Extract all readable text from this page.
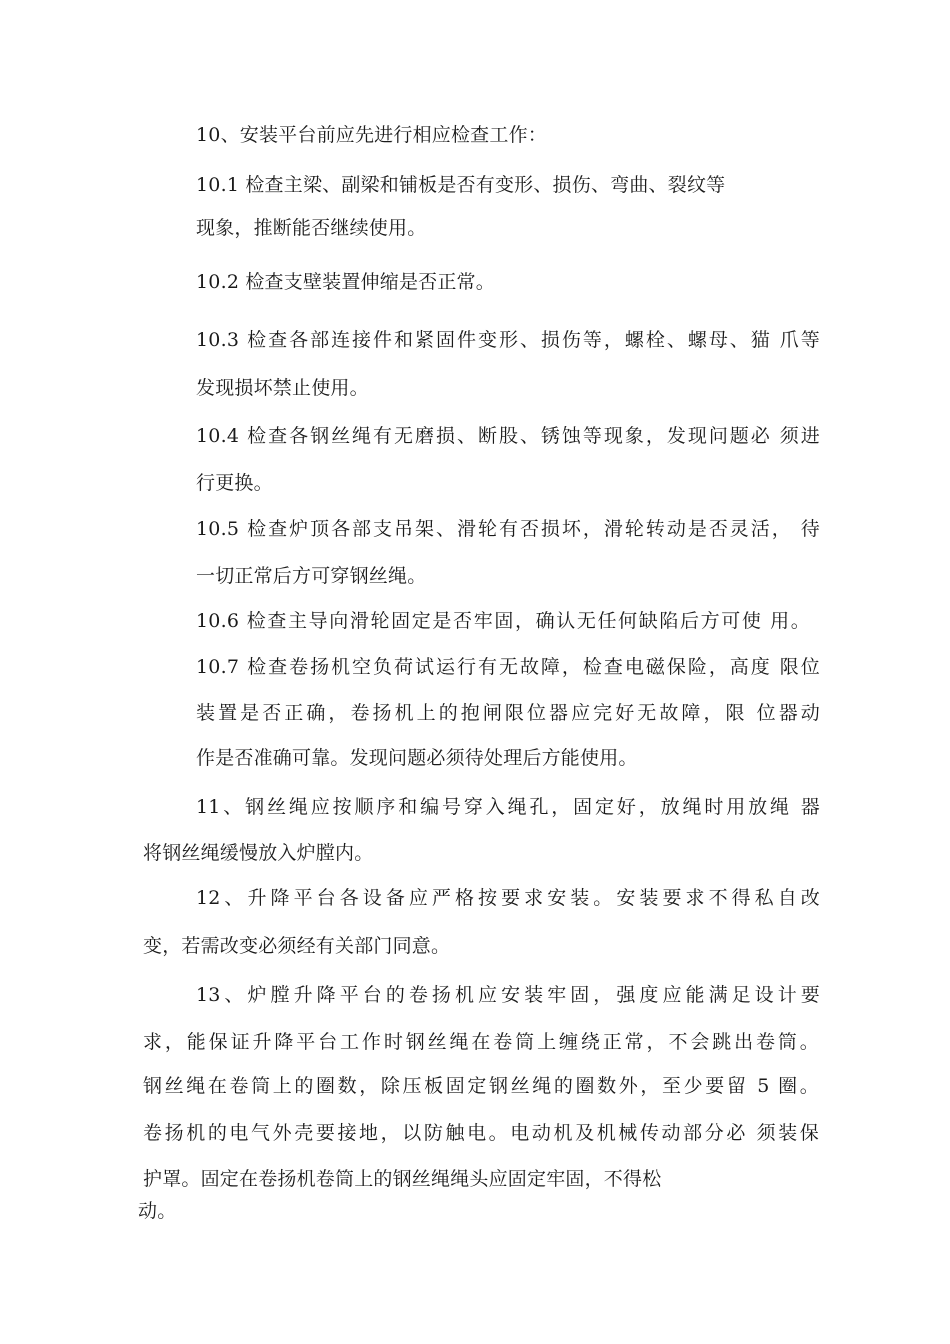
10、安装平台前应先进行相应检查工作：
10.1 检查主梁、副梁和铺板是否有变形、损伤、弯曲、裂纹等
现象，推断能否继续使用。
10.2 检查支壁装置伸缩是否正常。
10.3 检查各部连接件和紧固件变形、损伤等，螺栓、螺母、猫 爪等
发现损坏禁止使用。
10.4 检查各钢丝绳有无磨损、断股、锈蚀等现象，发现问题必 须进
行更换。
10.5 检查炉顶各部支吊架、滑轮有否损坏，滑轮转动是否灵活， 待
一切正常后方可穿钢丝绳。
10.6 检查主导向滑轮固定是否牢固，确认无任何缺陷后方可使 用。
10.7 检查卷扬机空负荷试运行有无故障，检查电磁保险，高度 限位
装置是否正确，卷扬机上的抱闸限位器应完好无故障，限 位器动
作是否准确可靠。发现问题必须待处理后方能使用。
11、钢丝绳应按顺序和编号穿入绳孔，固定好，放绳时用放绳 器
将钢丝绳缓慢放入炉膛内。
12、升降平台各设备应严格按要求安装。安装要求不得私自改
变，若需改变必须经有关部门同意。
13、炉膛升降平台的卷扬机应安装牢固，强度应能满足设计要
求，能保证升降平台工作时钢丝绳在卷筒上缠绕正常，不会跳出卷筒。
钢丝绳在卷筒上的圈数，除压板固定钢丝绳的圈数外，至少要留 5 圈。
卷扬机的电气外壳要接地，以防触电。电动机及机械传动部分必 须装保
护罩。固定在卷扬机卷筒上的钢丝绳绳头应固定牢固，不得松
动。
